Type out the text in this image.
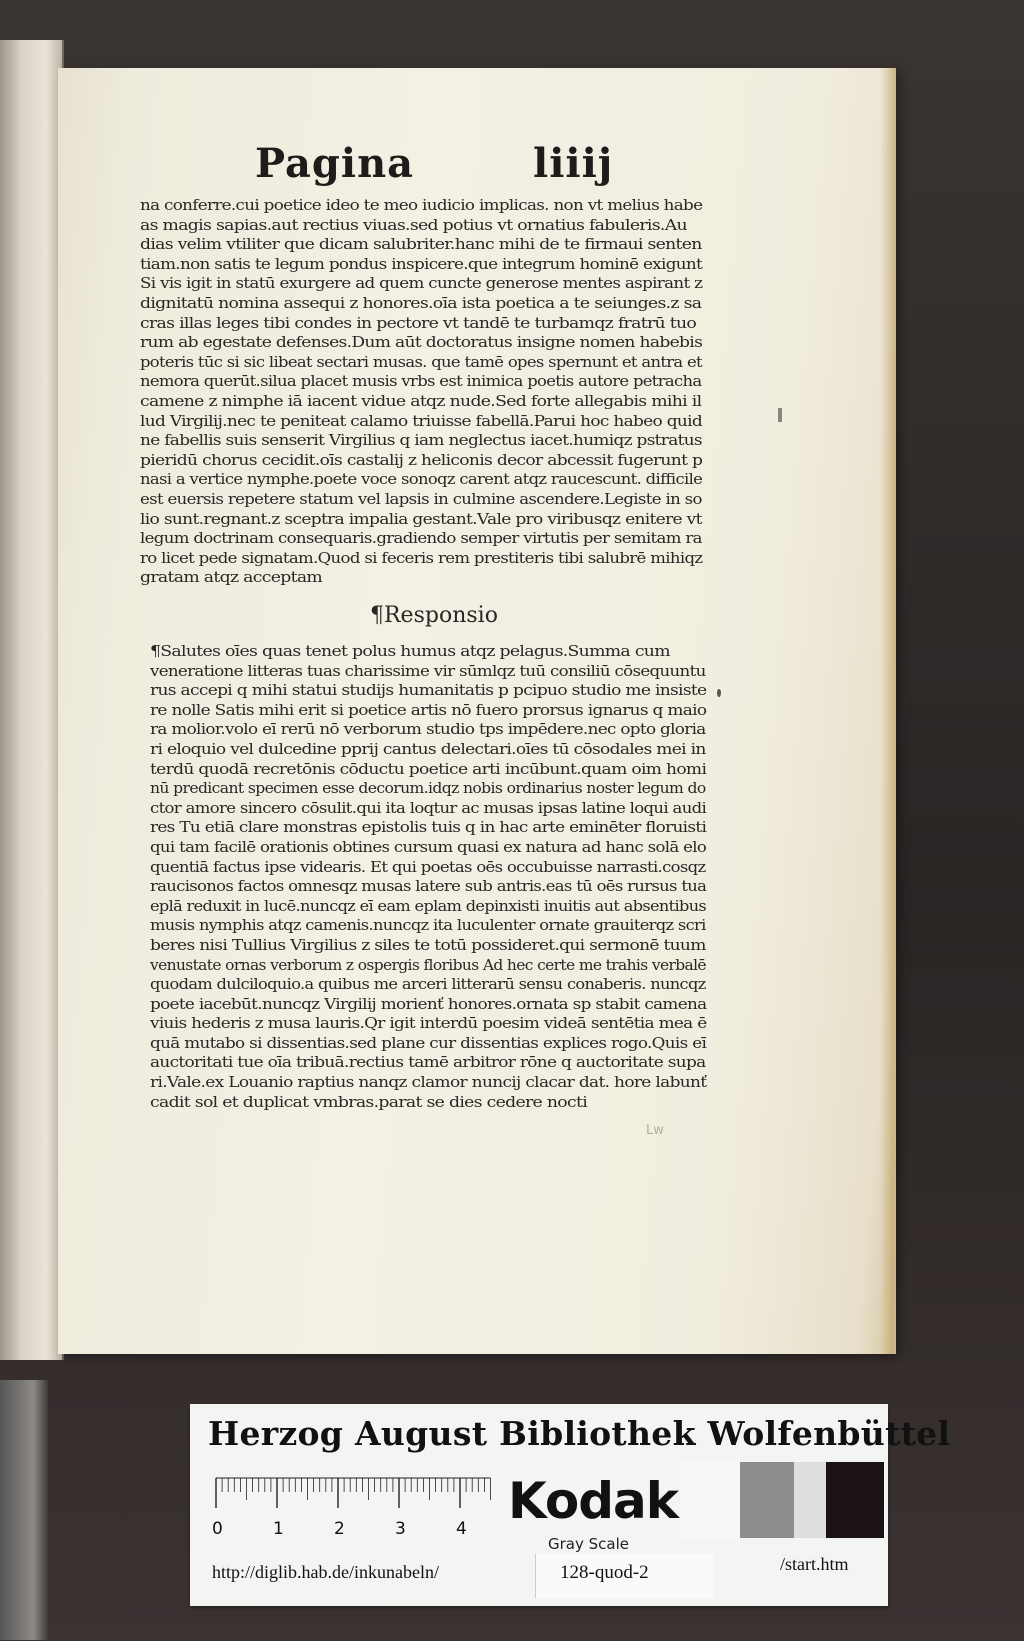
Pagina	liiij
na conferre.cui poetice ideo te meo iudicio implicas. non vt melius habe
as magis sapias.aut rectius viuas.sed potius vt ornatius fabuleris.Au
dias velim vtiliter que dicam salubriter.hanc mihi de te firmaui senten
tiam.non satis te legum pondus inspicere.que integrum hominē exigunt
Si vis igit in statū exurgere ad quem cuncte generose mentes aspirant z
dignitatū nomina assequi z honores.oīa ista poetica a te seiunges.z sa
cras illas leges tibi condes in pectore vt tandē te turbamqz fratrū tuo
rum ab egestate defenses.Dum aūt doctoratus insigne nomen habebis
poteris tūc si sic libeat sectari musas. que tamē opes spernunt et antra et
nemora querūt.silua placet musis vrbs est inimica poetis autore petracha
camene z nimphe iā iacent vidue atqz nude.Sed forte allegabis mihi il
lud Virgilij.nec te peniteat calamo triuisse fabellā.Parui hoc habeo quid
ne fabellis suis senserit Virgilius q iam neglectus iacet.humiqz pstratus
pieridū chorus cecidit.oīs castalij z heliconis decor abcessit fugerunt p
nasi a vertice nymphe.poete voce sonoqz carent atqz raucescunt. difficile
est euersis repetere statum vel lapsis in culmine ascendere.Legiste in so
lio sunt.regnant.z sceptra impalia gestant.Vale pro viribusqz enitere vt
legum doctrinam consequaris.gradiendo semper virtutis per semitam ra
ro licet pede signatam.Quod si feceris rem prestiteris tibi salubrē mihiqz
gratam atqz acceptam
¶Responsio
¶Salutes oīes quas tenet polus humus atqz pelagus.Summa cum
veneratione litteras tuas charissime vir sūmlqz tuū consiliū cōsequuntu
rus accepi q mihi statui studijs humanitatis p pcipuo studio me insiste
re nolle Satis mihi erit si poetice artis nō fuero prorsus ignarus q maio
ra molior.volo eī rerū nō verborum studio tps impēdere.nec opto gloria
ri eloquio vel dulcedine pprij cantus delectari.oīes tū cōsodales mei in
terdū quodā recretōnis cōductu poetice arti incūbunt.quam oim homi
nū predicant specimen esse decorum.idqz nobis ordinarius noster legum do
ctor amore sincero cōsulit.qui ita loqtur ac musas ipsas latine loqui audi
res Tu etiā clare monstras epistolis tuis q in hac arte eminēter floruisti
qui tam facilē orationis obtines cursum quasi ex natura ad hanc solā elo
quentiā factus ipse videaris. Et qui poetas oēs occubuisse narrasti.cosqz
raucisonos factos omnesqz musas latere sub antris.eas tū oēs rursus tua
eplā reduxit in lucē.nuncqz eī eam eplam depinxisti inuitis aut absentibus
musis nymphis atqz camenis.nuncqz ita luculenter ornate grauiterqz scri
beres nisi Tullius Virgilius z siles te totū possideret.qui sermonē tuum
venustate ornas verborum z ospergis floribus Ad hec certe me trahis verbalē
quodam dulciloquio.a quibus me arceri litterarū sensu conaberis. nuncqz
poete iacebūt.nuncqz Virgilij morienť honores.ornata sp stabit camena
viuis hederis z musa lauris.Qr igit interdū poesim videā sentētia mea ē
quā mutabo si dissentias.sed plane cur dissentias explices rogo.Quis eī
auctoritati tue oīa tribuā.rectius tamē arbitror rōne q auctoritate supa
ri.Vale.ex Louanio raptius nanqz clamor nuncij clacar dat. hore labunť
cadit sol et duplicat vmbras.parat se dies cedere nocti
Lw
Herzog August Bibliothek Wolfenbüttel
0	1	2	3	4 Kodak
Gray Scale
http://diglib.hab.de/inkunabeln/	128-quod-2	/start.htm
